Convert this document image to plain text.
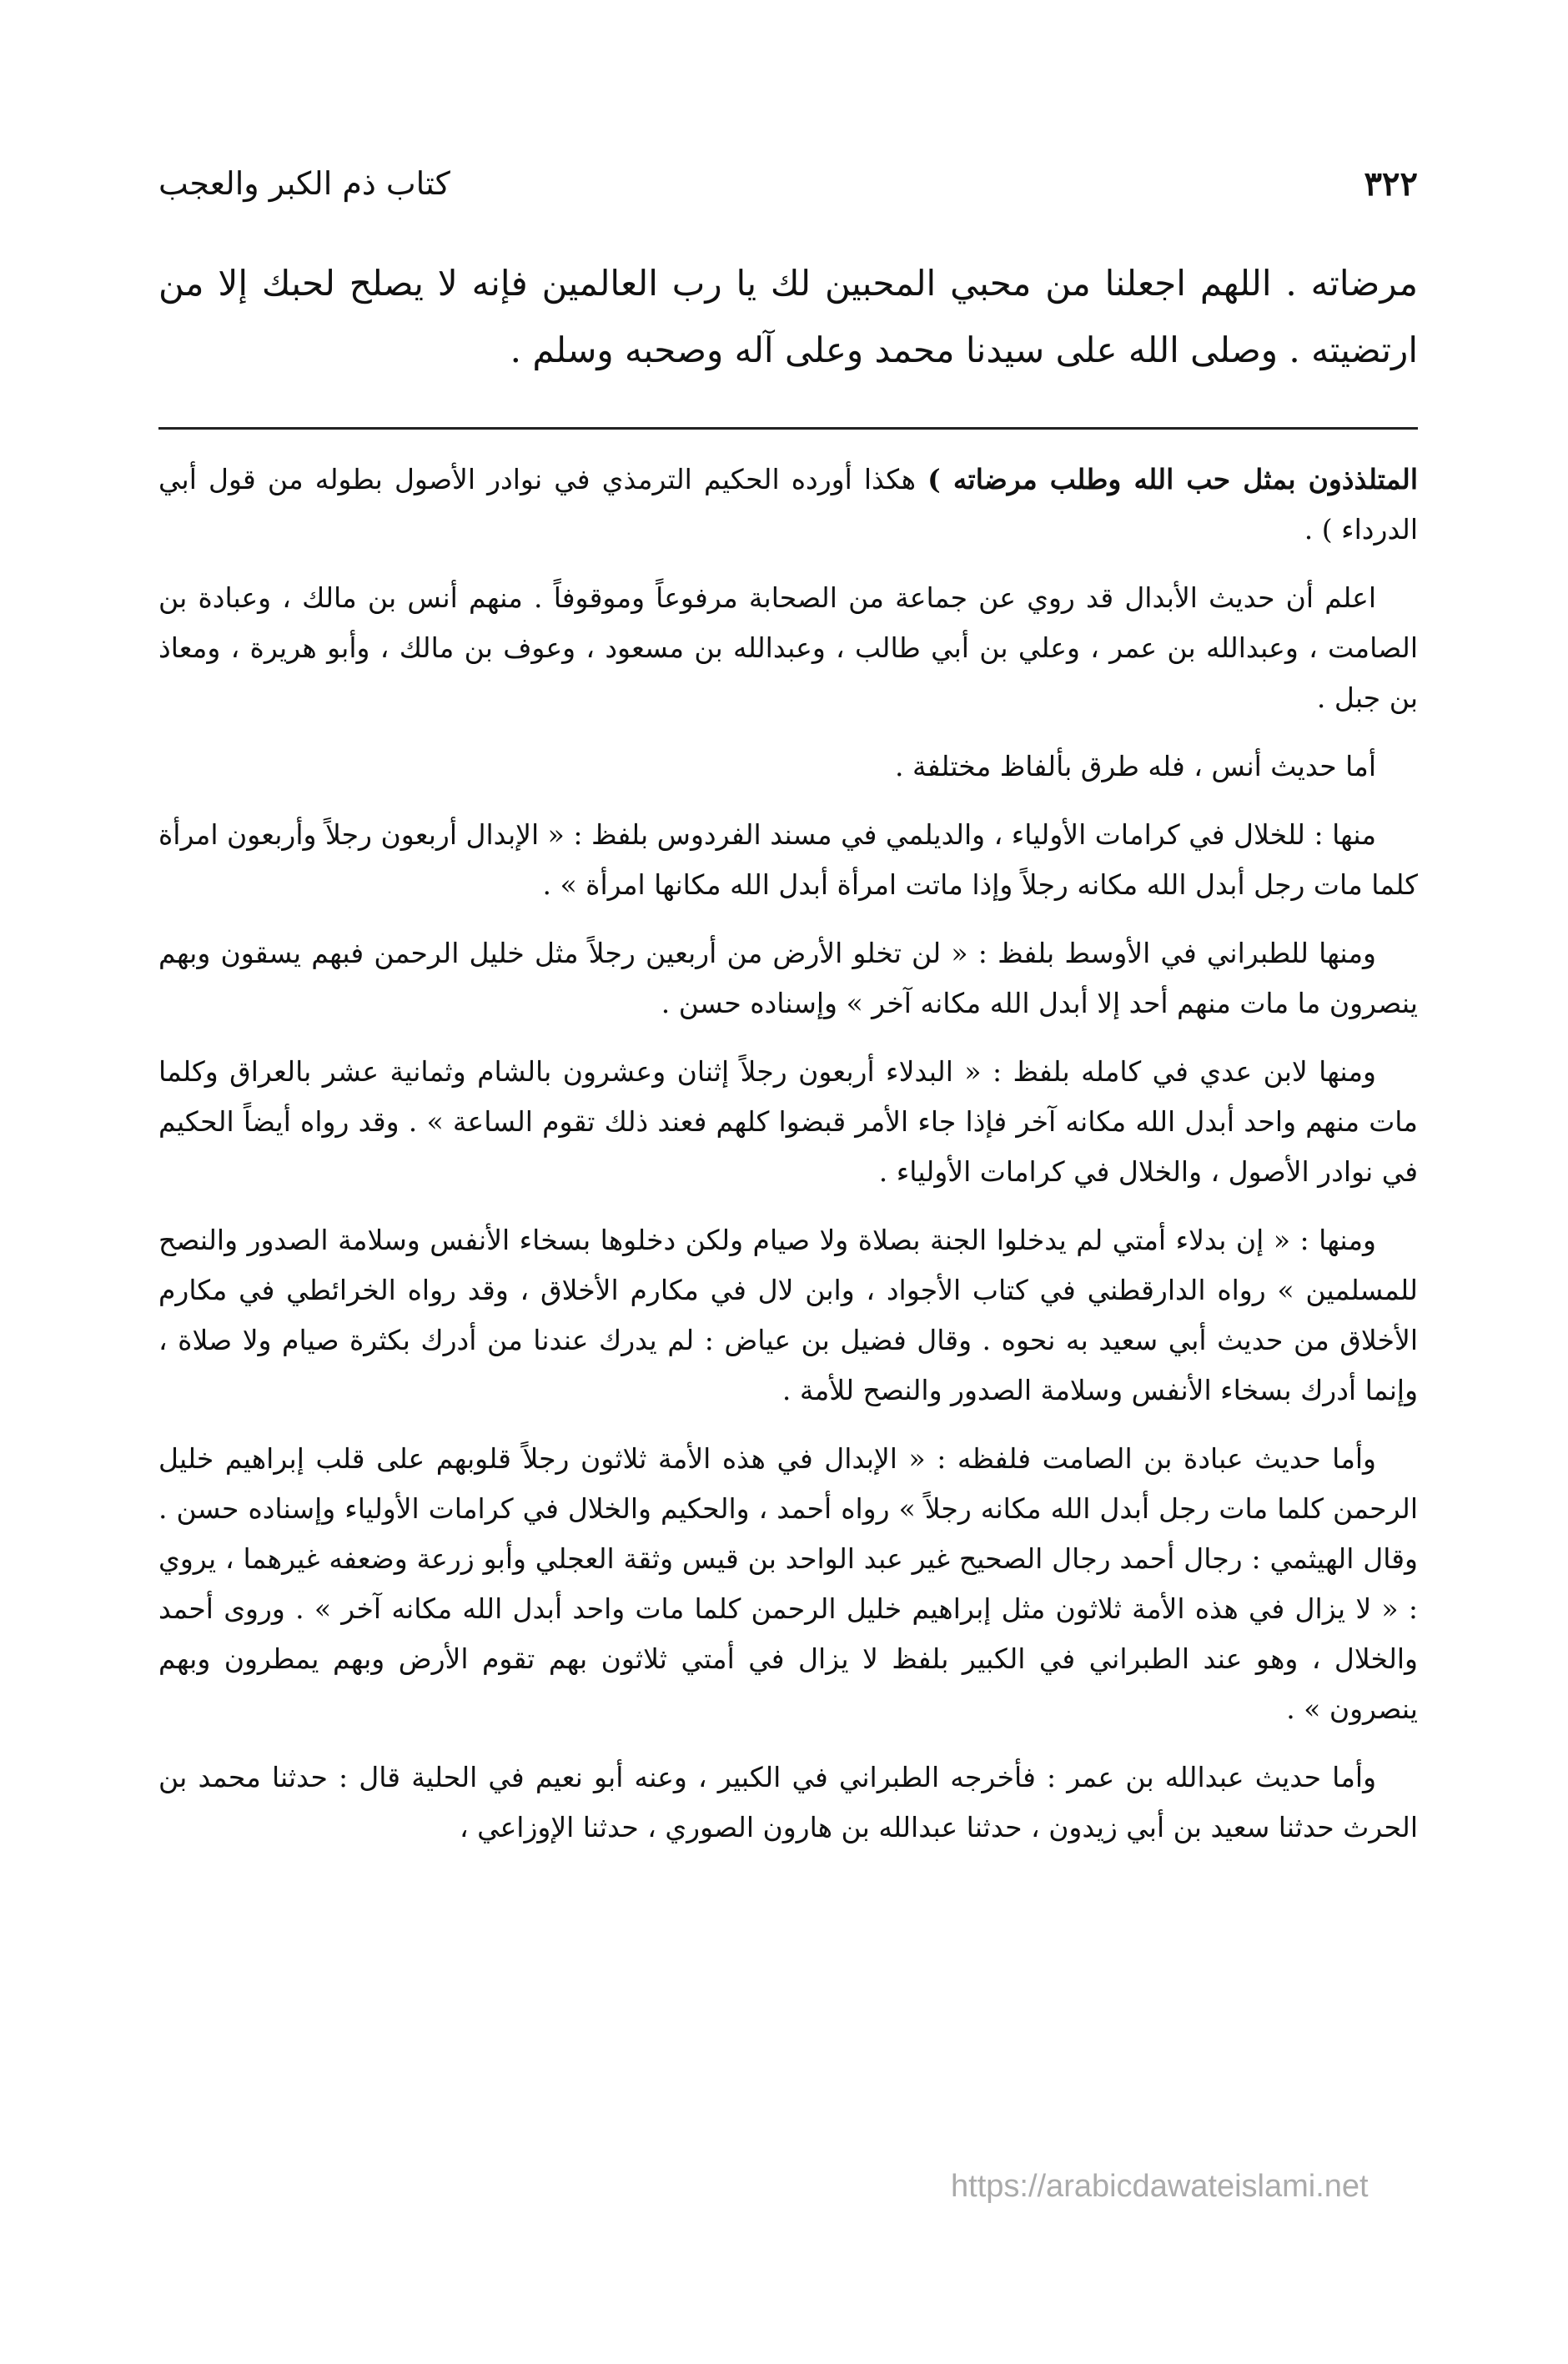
٣٢٢
كتاب ذم الكبر والعجب

مرضاته . اللهم اجعلنا من محبي المحبين لك يا رب العالمين فإنه لا يصلح لحبك إلا من ارتضيته . وصلى الله على سيدنا محمد وعلى آله وصحبه وسلم .

المتلذذون بمثل حب الله وطلب مرضاته ) هكذا أورده الحكيم الترمذي في نوادر الأصول بطوله من قول أبي الدرداء ) .

اعلم أن حديث الأبدال قد روي عن جماعة من الصحابة مرفوعاً وموقوفاً . منهم أنس بن مالك ، وعبادة بن الصامت ، وعبدالله بن عمر ، وعلي بن أبي طالب ، وعبدالله بن مسعود ، وعوف بن مالك ، وأبو هريرة ، ومعاذ بن جبل .

أما حديث أنس ، فله طرق بألفاظ مختلفة .

منها : للخلال في كرامات الأولياء ، والديلمي في مسند الفردوس بلفظ : « الإبدال أربعون رجلاً وأربعون امرأة كلما مات رجل أبدل الله مكانه رجلاً وإذا ماتت امرأة أبدل الله مكانها امرأة » .

ومنها للطبراني في الأوسط بلفظ : « لن تخلو الأرض من أربعين رجلاً مثل خليل الرحمن فبهم يسقون وبهم ينصرون ما مات منهم أحد إلا أبدل الله مكانه آخر » وإسناده حسن .

ومنها لابن عدي في كامله بلفظ : « البدلاء أربعون رجلاً إثنان وعشرون بالشام وثمانية عشر بالعراق وكلما مات منهم واحد أبدل الله مكانه آخر فإذا جاء الأمر قبضوا كلهم فعند ذلك تقوم الساعة » . وقد رواه أيضاً الحكيم في نوادر الأصول ، والخلال في كرامات الأولياء .

ومنها : « إن بدلاء أمتي لم يدخلوا الجنة بصلاة ولا صيام ولكن دخلوها بسخاء الأنفس وسلامة الصدور والنصح للمسلمين » رواه الدارقطني في كتاب الأجواد ، وابن لال في مكارم الأخلاق ، وقد رواه الخرائطي في مكارم الأخلاق من حديث أبي سعيد به نحوه . وقال فضيل بن عياض : لم يدرك عندنا من أدرك بكثرة صيام ولا صلاة ، وإنما أدرك بسخاء الأنفس وسلامة الصدور والنصح للأمة .

وأما حديث عبادة بن الصامت فلفظه : « الإبدال في هذه الأمة ثلاثون رجلاً قلوبهم على قلب إبراهيم خليل الرحمن كلما مات رجل أبدل الله مكانه رجلاً » رواه أحمد ، والحكيم والخلال في كرامات الأولياء وإسناده حسن . وقال الهيثمي : رجال أحمد رجال الصحيح غير عبد الواحد بن قيس وثقة العجلي وأبو زرعة وضعفه غيرهما ، يروي : « لا يزال في هذه الأمة ثلاثون مثل إبراهيم خليل الرحمن كلما مات واحد أبدل الله مكانه آخر » . وروى أحمد والخلال ، وهو عند الطبراني في الكبير بلفظ لا يزال في أمتي ثلاثون بهم تقوم الأرض وبهم يمطرون وبهم ينصرون » .

وأما حديث عبدالله بن عمر : فأخرجه الطبراني في الكبير ، وعنه أبو نعيم في الحلية قال : حدثنا محمد بن الحرث حدثنا سعيد بن أبي زيدون ، حدثنا عبدالله بن هارون الصوري ، حدثنا الإوزاعي ،

https://arabicdawateislami.net
